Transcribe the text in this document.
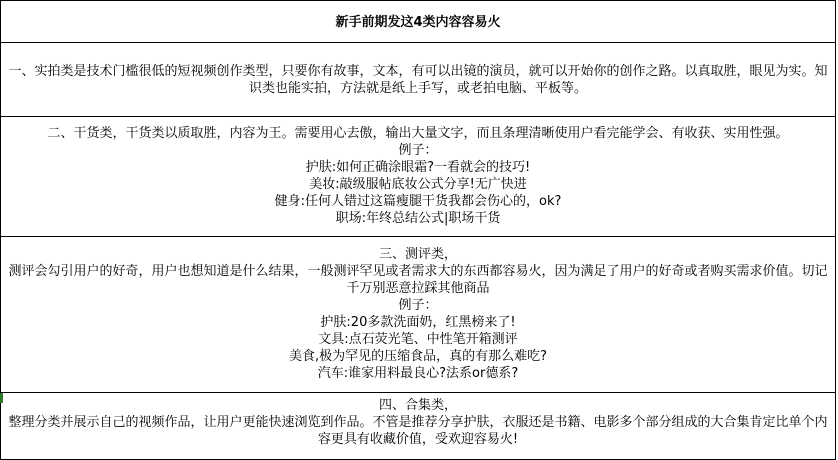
新手前期发这4类内容容易火
一、实拍类是技术门槛很低的短视频创作类型，只要你有故事，文本，有可以出镜的演员，就可以开始你的创作之路。以真取胜，眼见为实。知识类也能实拍，方法就是纸上手写，或老拍电脑、平板等。
二、干货类，干货类以质取胜，内容为王。需要用心去傲，输出大量文字，而且条理清晰使用户看完能学会、有收获、实用性强。
例子：
护肤:如何正确涂眼霜?一看就会的技巧!
美妆:敲级服帖底妆公式分享!无广快进
健身:任何人错过这篇瘦腿干货我都会伤心的，ok?
职场:年终总结公式|职场干货
三、测评类，
测评会勾引用户的好奇，用户也想知道是什么结果，一般测评罕见或者需求大的东西都容易火，因为满足了用户的好奇或者购买需求价值。切记千万别恶意拉踩其他商品
例子：
护肤:20多款洗面奶，红黑榜来了!
文具:点石荧光笔、中性笔开箱测评
美食,极为罕见的压缩食品，真的有那么难吃?
汽车:谁家用料最良心?法系or德系?
四、合集类，
整理分类并展示自己的视频作品，让用户更能快速浏览到作品。不管是推荐分享护肤，衣服还是书籍、电影多个部分组成的大合集肯定比单个内容更具有收藏价值，受欢迎容易火!
